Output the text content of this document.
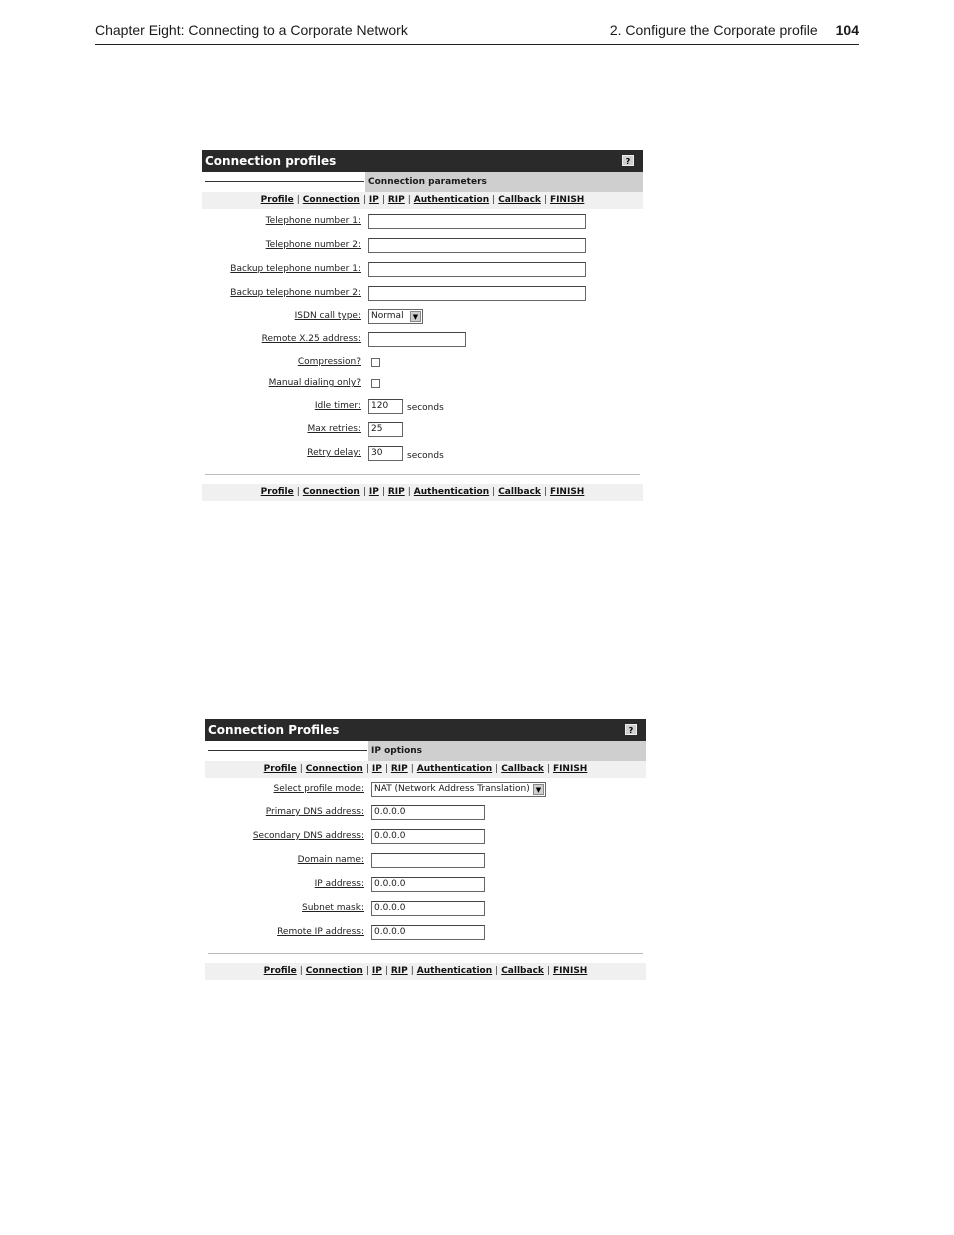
Chapter Eight: Connecting to a Corporate Network	2. Configure the Corporate profile 104
Connection profiles	?
Connection parameters
Profile | Connection | IP | RIP | Authentication | Callback | FINISH
Telephone number 1:
Telephone number 2:
Backup telephone number 1:
Backup telephone number 2:
ISDN call type:	Normal	▼
Remote X.25 address:
Compression?
Manual dialing only?
Idle timer:	120	seconds
Max retries:	25
Retry delay:	30	seconds
Profile | Connection | IP | RIP | Authentication | Callback | FINISH
Connection Profiles	?
IP options
Profile | Connection | IP | RIP | Authentication | Callback | FINISH
Select profile mode:	NAT (Network Address Translation) ▼
Primary DNS address:	0.0.0.0
Secondary DNS address:	0.0.0.0
Domain name:
IP address:	0.0.0.0
Subnet mask:	0.0.0.0
Remote IP address:	0.0.0.0
Profile | Connection | IP | RIP | Authentication | Callback | FINISH
